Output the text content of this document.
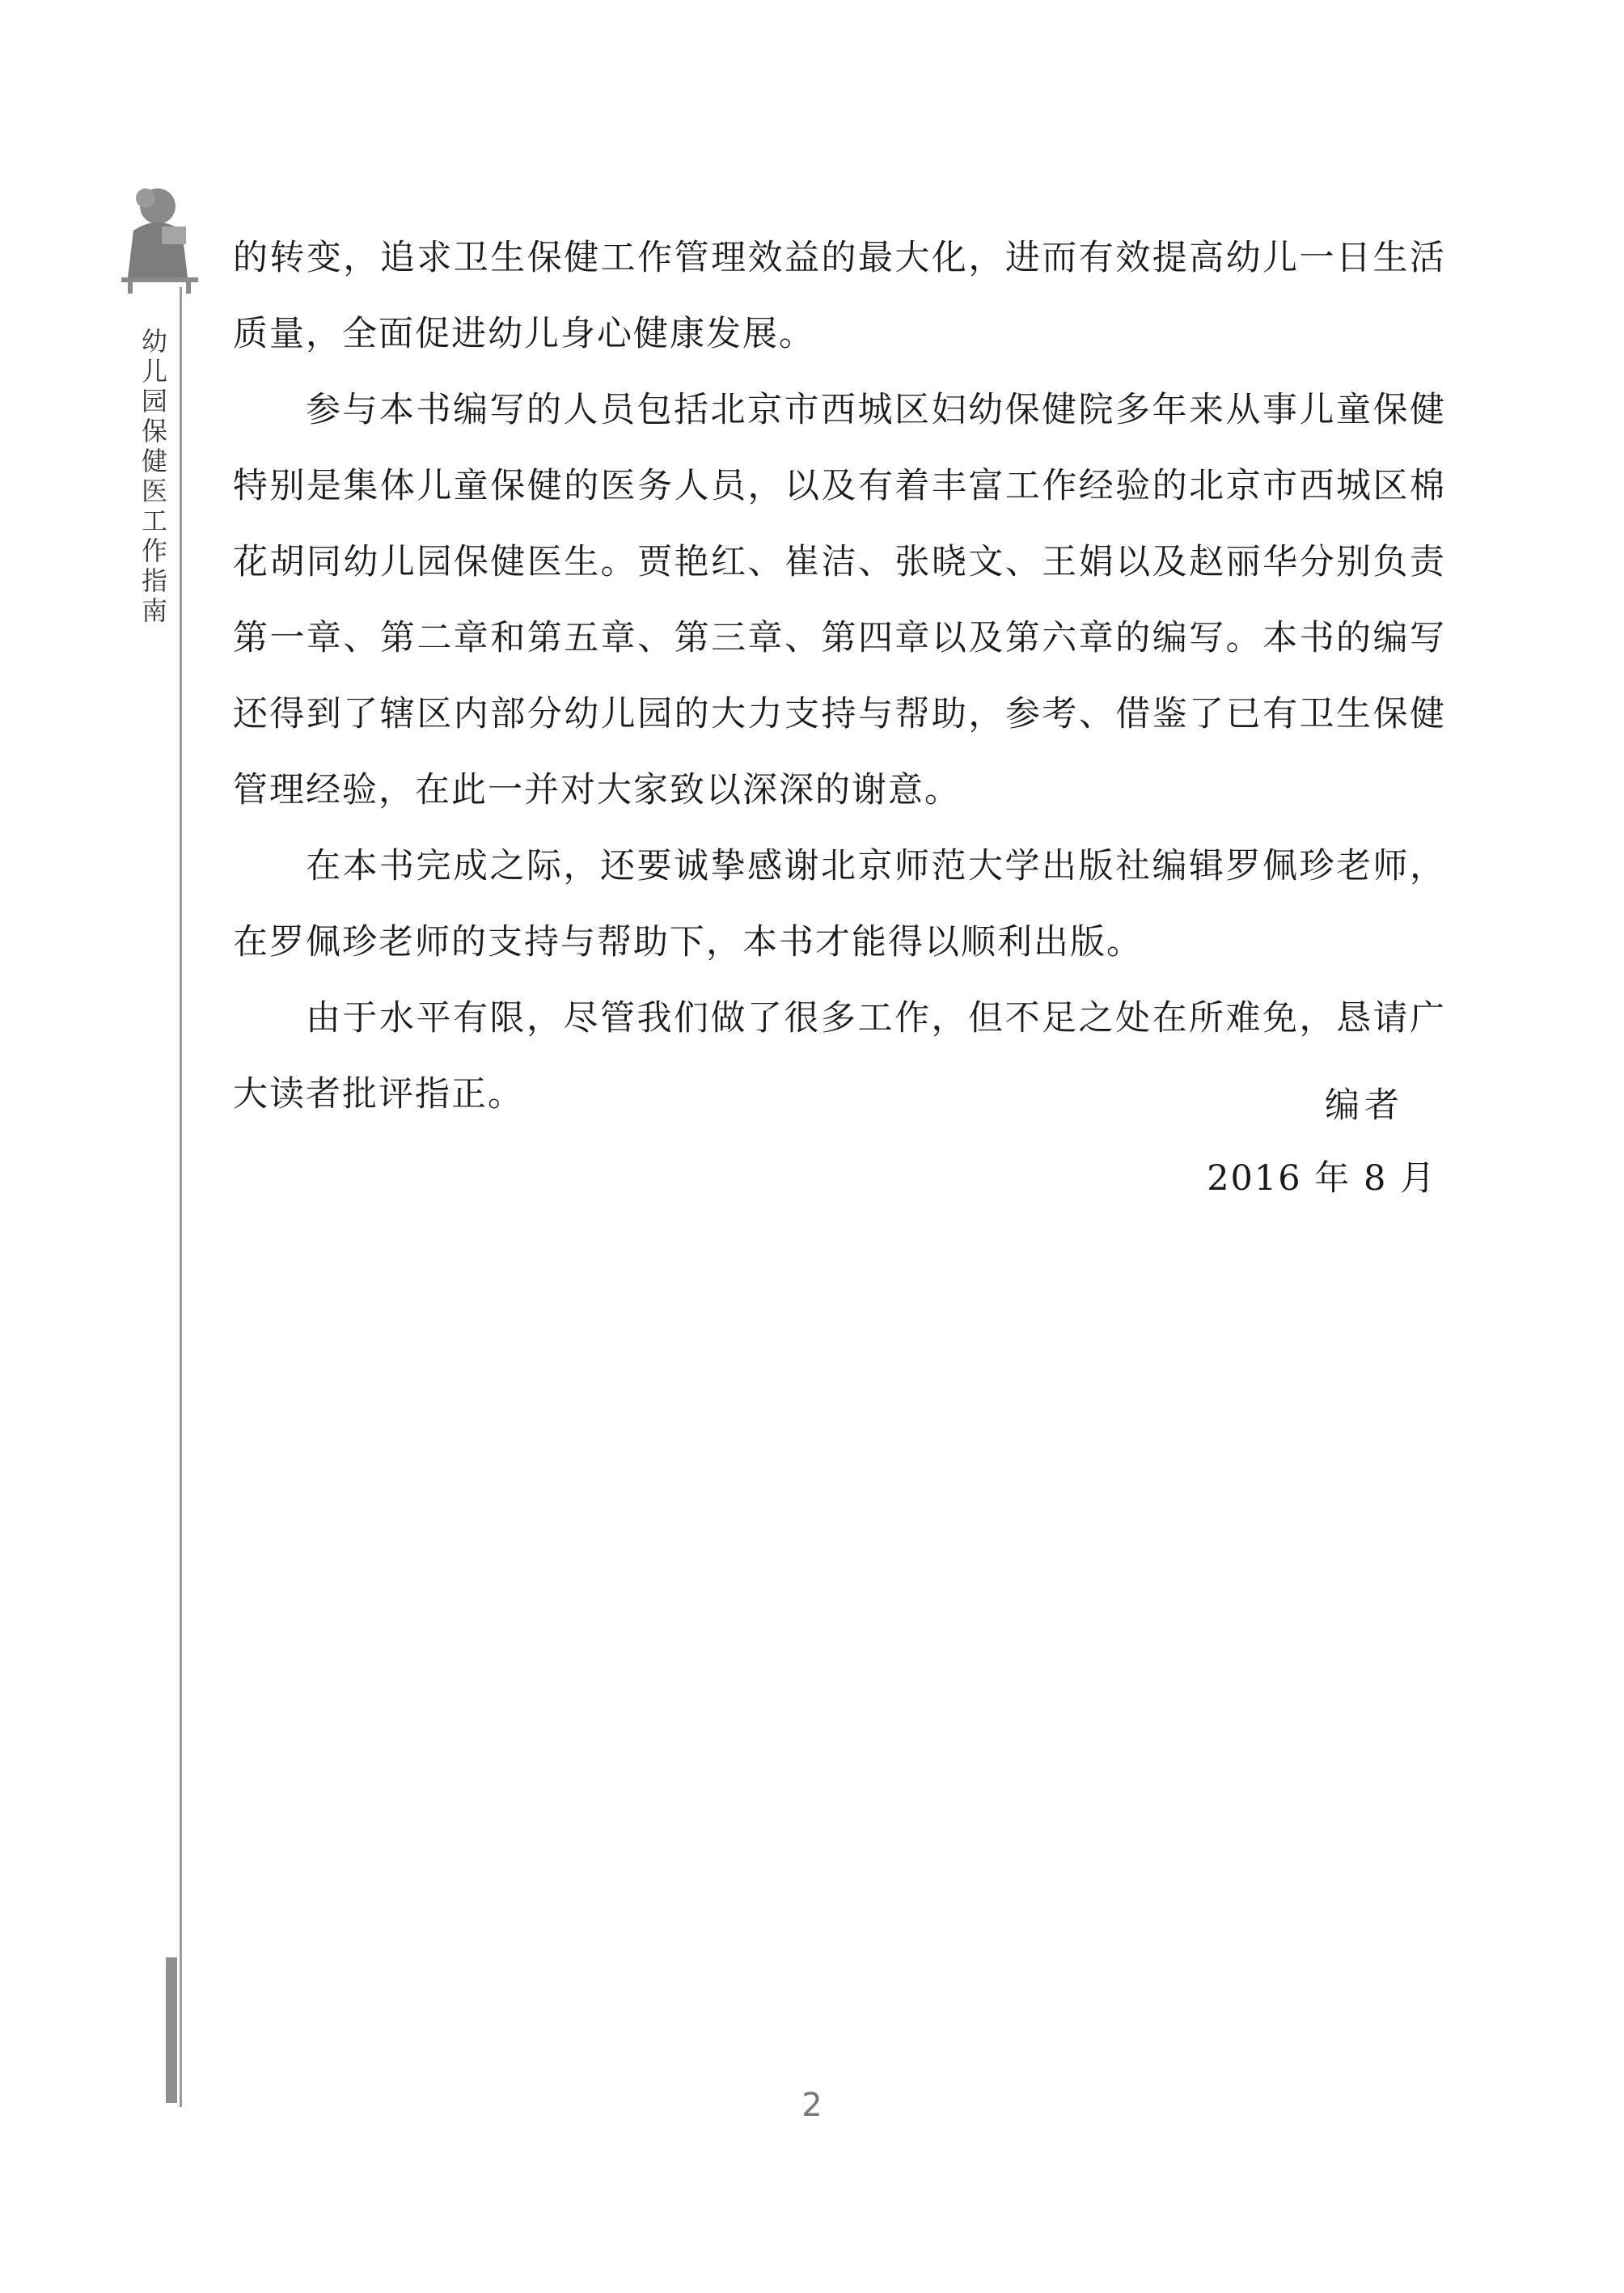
幼儿园保健医工作指南

的转变，追求卫生保健工作管理效益的最大化，进而有效提高幼儿一日生活质量，全面促进幼儿身心健康发展。

参与本书编写的人员包括北京市西城区妇幼保健院多年来从事儿童保健特别是集体儿童保健的医务人员，以及有着丰富工作经验的北京市西城区棉花胡同幼儿园保健医生。贾艳红、崔洁、张晓文、王娟以及赵丽华分别负责第一章、第二章和第五章、第三章、第四章以及第六章的编写。本书的编写还得到了辖区内部分幼儿园的大力支持与帮助，参考、借鉴了已有卫生保健管理经验，在此一并对大家致以深深的谢意。

在本书完成之际，还要诚挚感谢北京师范大学出版社编辑罗佩珍老师，在罗佩珍老师的支持与帮助下，本书才能得以顺利出版。

由于水平有限，尽管我们做了很多工作，但不足之处在所难免，恳请广大读者批评指正。	编者
2016 年 8 月
2
